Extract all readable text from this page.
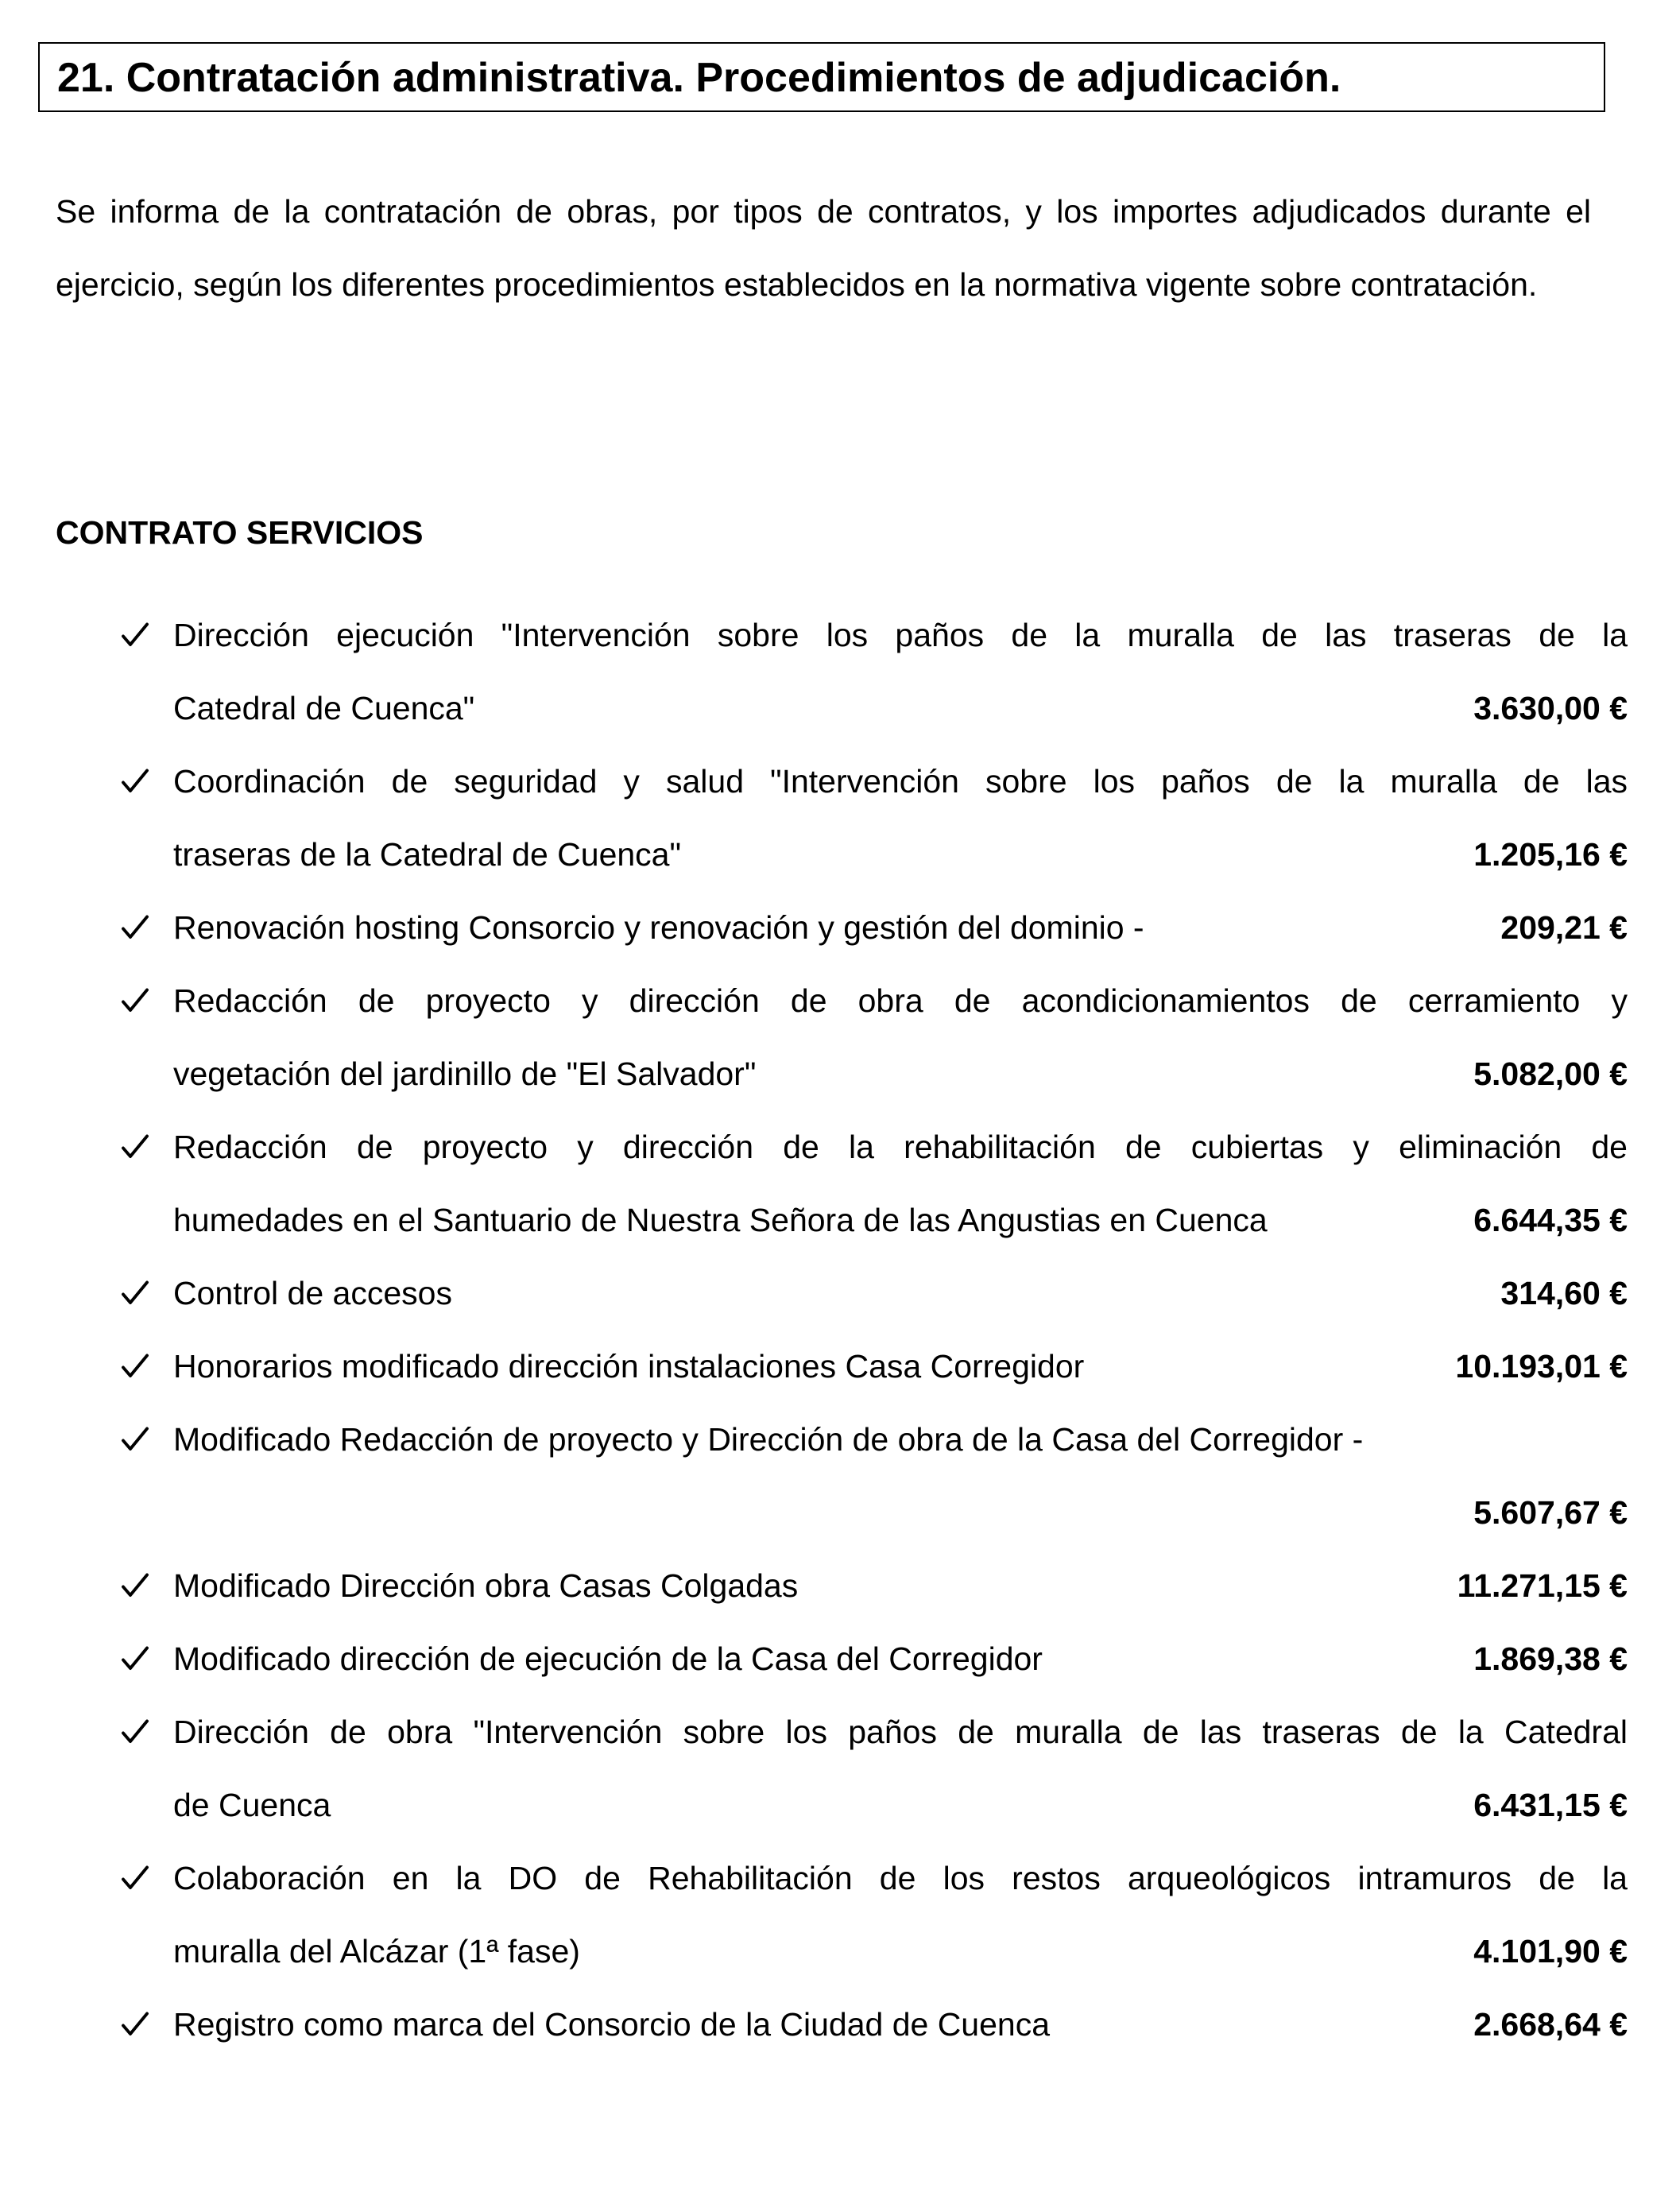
21. Contratación administrativa. Procedimientos de adjudicación.

Se informa de la contratación de obras, por tipos de contratos, y los importes adjudicados durante el ejercicio, según los diferentes procedimientos establecidos en la normativa vigente sobre contratación.

CONTRATO SERVICIOS
Dirección ejecución "Intervención sobre los paños de la muralla de las traseras de la
Catedral de Cuenca"	3.630,00 €
Coordinación de seguridad y salud "Intervención sobre los paños de la muralla de las
traseras de la Catedral de Cuenca"	1.205,16 €
Renovación hosting Consorcio y renovación y gestión del dominio -	209,21 €
Redacción de proyecto y dirección de obra de acondicionamientos de cerramiento y
vegetación del jardinillo de "El Salvador"	5.082,00 €
Redacción de proyecto y dirección de la rehabilitación de cubiertas y eliminación de
humedades en el Santuario de Nuestra Señora de las Angustias en Cuenca	6.644,35 €
Control de accesos	314,60 €
Honorarios modificado dirección instalaciones Casa Corregidor	10.193,01 €
Modificado Redacción de proyecto y Dirección de obra de la Casa del Corregidor -
5.607,67 €
Modificado Dirección obra Casas Colgadas	11.271,15 €
Modificado dirección de ejecución de la Casa del Corregidor	1.869,38 €
Dirección de obra "Intervención sobre los paños de muralla de las traseras de la Catedral
de Cuenca	6.431,15 €
Colaboración en la DO de Rehabilitación de los restos arqueológicos intramuros de la
muralla del Alcázar (1ª fase)	4.101,90 €
Registro como marca del Consorcio de la Ciudad de Cuenca	2.668,64 €
